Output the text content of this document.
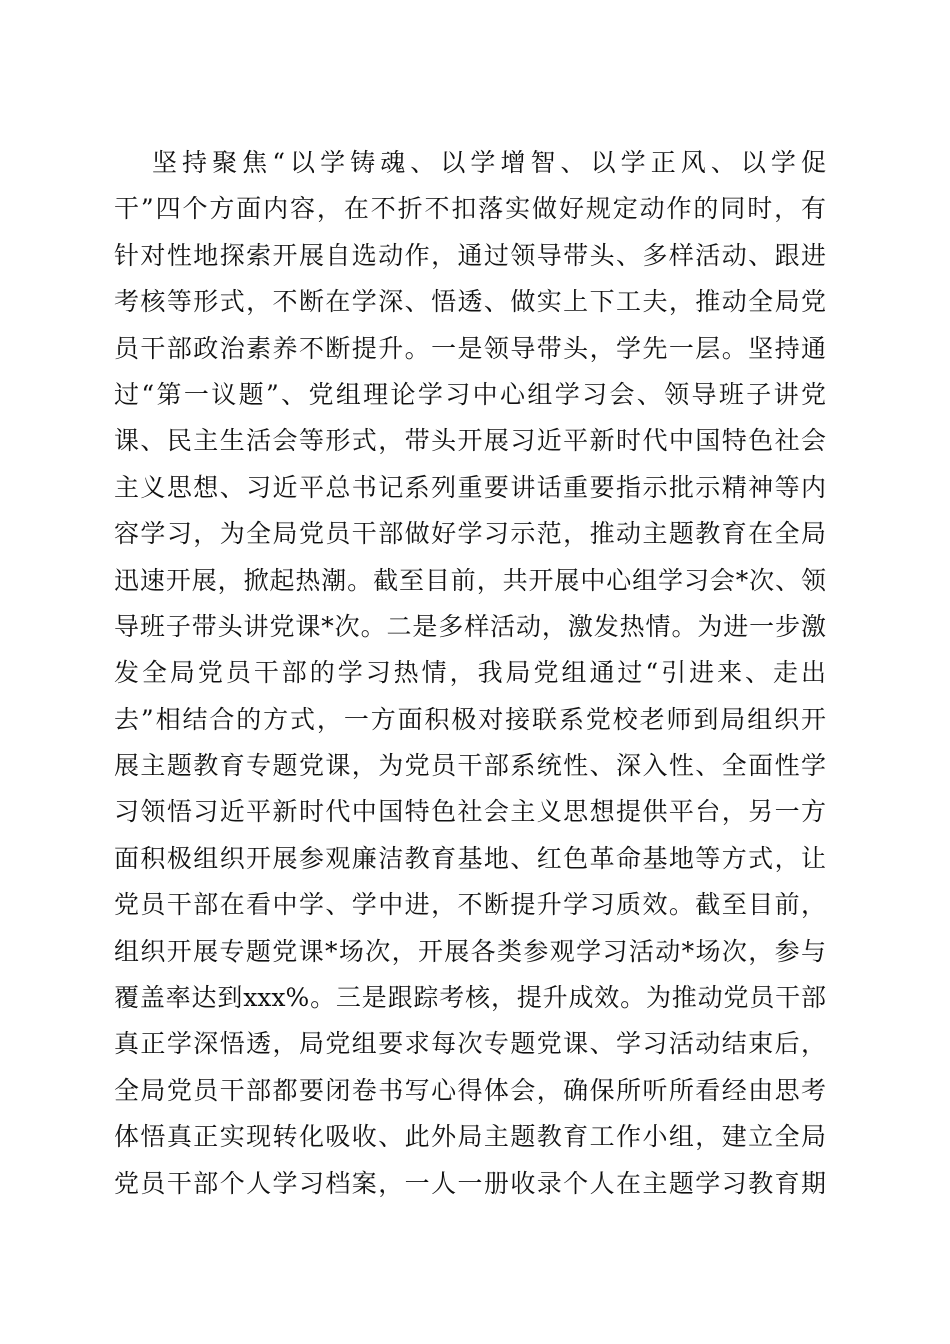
坚持聚焦“以学铸魂、以学增智、以学正风、以学促
干”四个方面内容，在不折不扣落实做好规定动作的同时，有
针对性地探索开展自选动作，通过领导带头、多样活动、跟进
考核等形式，不断在学深、悟透、做实上下工夫，推动全局党
员干部政治素养不断提升。一是领导带头，学先一层。坚持通
过“第一议题”、党组理论学习中心组学习会、领导班子讲党
课、民主生活会等形式，带头开展习近平新时代中国特色社会
主义思想、习近平总书记系列重要讲话重要指示批示精神等内
容学习，为全局党员干部做好学习示范，推动主题教育在全局
迅速开展，掀起热潮。截至目前，共开展中心组学习会*次、领
导班子带头讲党课*次。二是多样活动，激发热情。为进一步激
发全局党员干部的学习热情，我局党组通过“引进来、走出
去”相结合的方式，一方面积极对接联系党校老师到局组织开
展主题教育专题党课，为党员干部系统性、深入性、全面性学
习领悟习近平新时代中国特色社会主义思想提供平台，另一方
面积极组织开展参观廉洁教育基地、红色革命基地等方式，让
党员干部在看中学、学中进，不断提升学习质效。截至目前，
组织开展专题党课*场次，开展各类参观学习活动*场次，参与
覆盖率达到xxx%。三是跟踪考核，提升成效。为推动党员干部
真正学深悟透，局党组要求每次专题党课、学习活动结束后，
全局党员干部都要闭卷书写心得体会，确保所听所看经由思考
体悟真正实现转化吸收、此外局主题教育工作小组，建立全局
党员干部个人学习档案，一人一册收录个人在主题学习教育期
